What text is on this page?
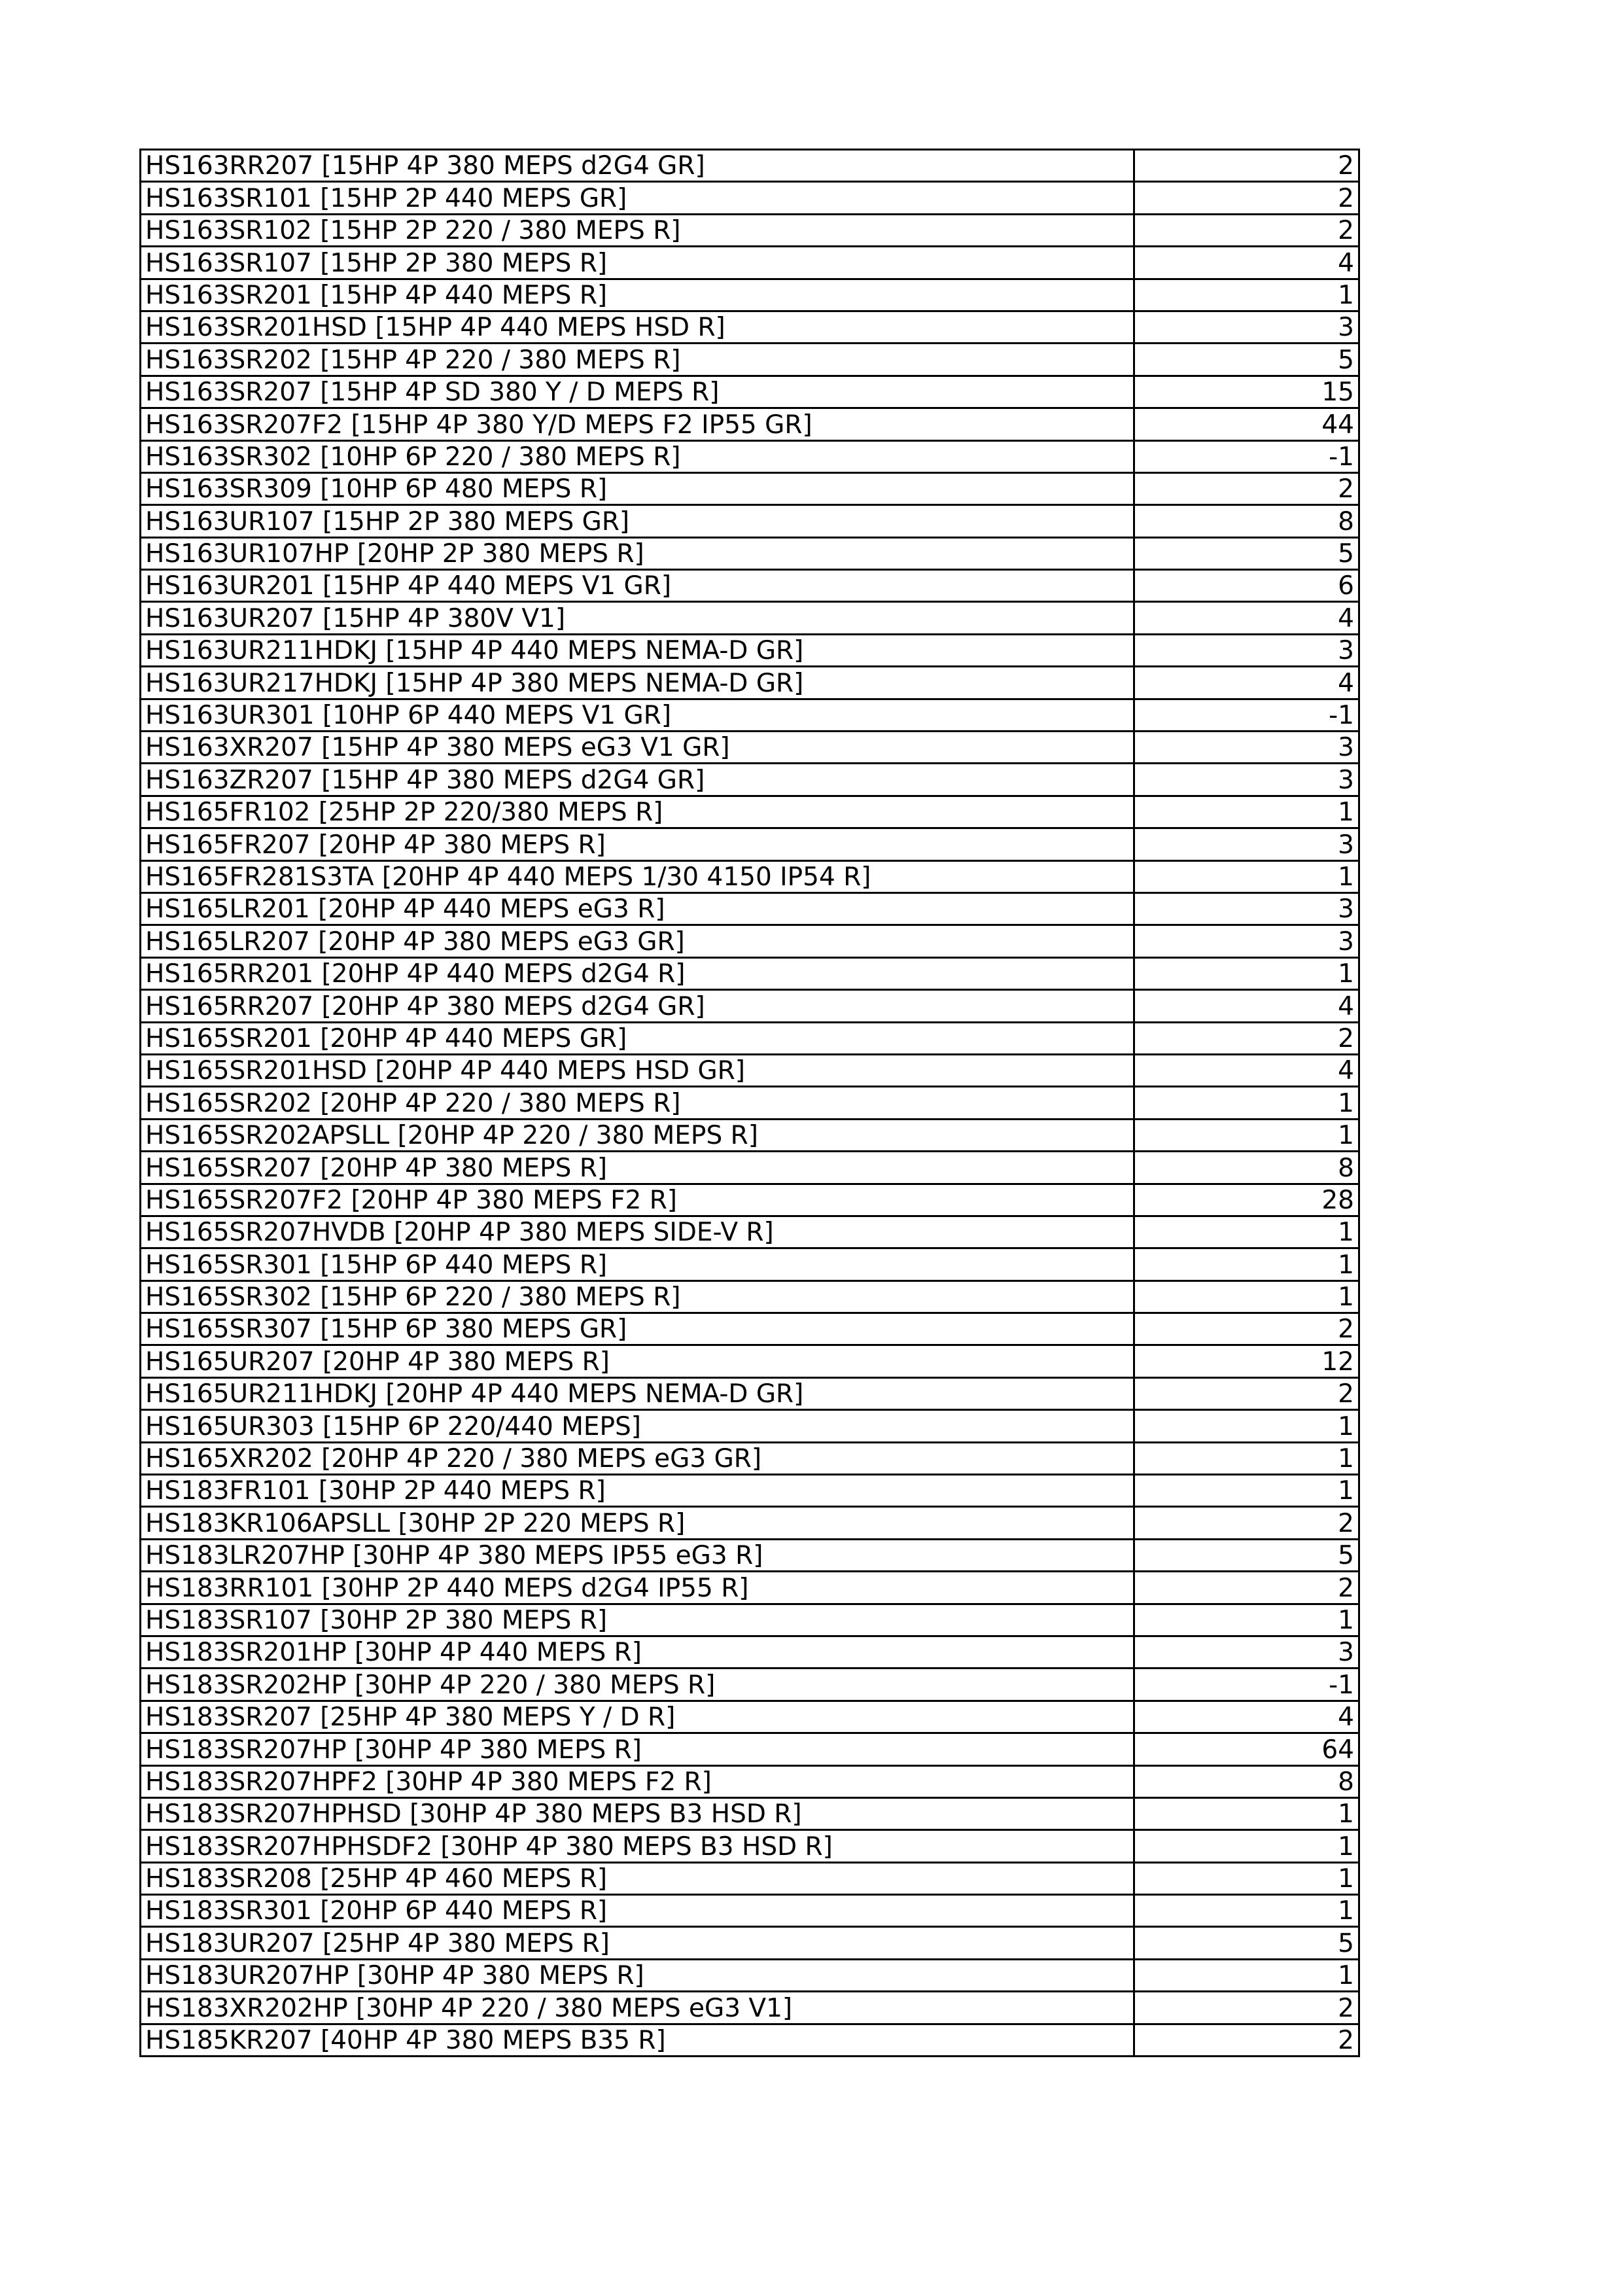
HS163RR207 [15HP 4P 380 MEPS d2G4 GR]	2
HS163SR101 [15HP 2P 440 MEPS GR]	2
HS163SR102 [15HP 2P 220 / 380 MEPS R]	2
HS163SR107 [15HP 2P 380 MEPS R]	4
HS163SR201 [15HP 4P 440 MEPS R]	1
HS163SR201HSD [15HP 4P 440 MEPS HSD R]	3
HS163SR202 [15HP 4P 220 / 380 MEPS R]	5
HS163SR207 [15HP 4P SD 380 Y / D MEPS R]	15
HS163SR207F2 [15HP 4P 380 Y/D MEPS F2 IP55 GR]	44
HS163SR302 [10HP 6P 220 / 380 MEPS R]	-1
HS163SR309 [10HP 6P 480 MEPS R]	2
HS163UR107 [15HP 2P 380 MEPS GR]	8
HS163UR107HP [20HP 2P 380 MEPS R]	5
HS163UR201 [15HP 4P 440 MEPS V1 GR]	6
HS163UR207 [15HP 4P 380V V1]	4
HS163UR211HDKJ [15HP 4P 440 MEPS NEMA-D GR]	3
HS163UR217HDKJ [15HP 4P 380 MEPS NEMA-D GR]	4
HS163UR301 [10HP 6P 440 MEPS V1 GR]	-1
HS163XR207 [15HP 4P 380 MEPS eG3 V1 GR]	3
HS163ZR207 [15HP 4P 380 MEPS d2G4 GR]	3
HS165FR102 [25HP 2P 220/380 MEPS R]	1
HS165FR207 [20HP 4P 380 MEPS R]	3
HS165FR281S3TA [20HP 4P 440 MEPS 1/30 4150 IP54 R]	1
HS165LR201 [20HP 4P 440 MEPS eG3 R]	3
HS165LR207 [20HP 4P 380 MEPS eG3 GR]	3
HS165RR201 [20HP 4P 440 MEPS d2G4 R]	1
HS165RR207 [20HP 4P 380 MEPS d2G4 GR]	4
HS165SR201 [20HP 4P 440 MEPS GR]	2
HS165SR201HSD [20HP 4P 440 MEPS HSD GR]	4
HS165SR202 [20HP 4P 220 / 380 MEPS R]	1
HS165SR202APSLL [20HP 4P 220 / 380 MEPS R]	1
HS165SR207 [20HP 4P 380 MEPS R]	8
HS165SR207F2 [20HP 4P 380 MEPS F2 R]	28
HS165SR207HVDB [20HP 4P 380 MEPS SIDE-V R]	1
HS165SR301 [15HP 6P 440 MEPS R]	1
HS165SR302 [15HP 6P 220 / 380 MEPS R]	1
HS165SR307 [15HP 6P 380 MEPS GR]	2
HS165UR207 [20HP 4P 380 MEPS R]	12
HS165UR211HDKJ [20HP 4P 440 MEPS NEMA-D GR]	2
HS165UR303 [15HP 6P 220/440 MEPS]	1
HS165XR202 [20HP 4P 220 / 380 MEPS eG3 GR]	1
HS183FR101 [30HP 2P 440 MEPS R]	1
HS183KR106APSLL [30HP 2P 220 MEPS R]	2
HS183LR207HP [30HP 4P 380 MEPS IP55 eG3 R]	5
HS183RR101 [30HP 2P 440 MEPS d2G4 IP55 R]	2
HS183SR107 [30HP 2P 380 MEPS R]	1
HS183SR201HP [30HP 4P 440 MEPS R]	3
HS183SR202HP [30HP 4P 220 / 380 MEPS R]	-1
HS183SR207 [25HP 4P 380 MEPS Y / D R]	4
HS183SR207HP [30HP 4P 380 MEPS R]	64
HS183SR207HPF2 [30HP 4P 380 MEPS F2 R]	8
HS183SR207HPHSD [30HP 4P 380 MEPS B3 HSD R]	1
HS183SR207HPHSDF2 [30HP 4P 380 MEPS B3 HSD R]	1
HS183SR208 [25HP 4P 460 MEPS R]	1
HS183SR301 [20HP 6P 440 MEPS R]	1
HS183UR207 [25HP 4P 380 MEPS R]	5
HS183UR207HP [30HP 4P 380 MEPS R]	1
HS183XR202HP [30HP 4P 220 / 380 MEPS eG3 V1]	2
HS185KR207 [40HP 4P 380 MEPS B35 R]	2
